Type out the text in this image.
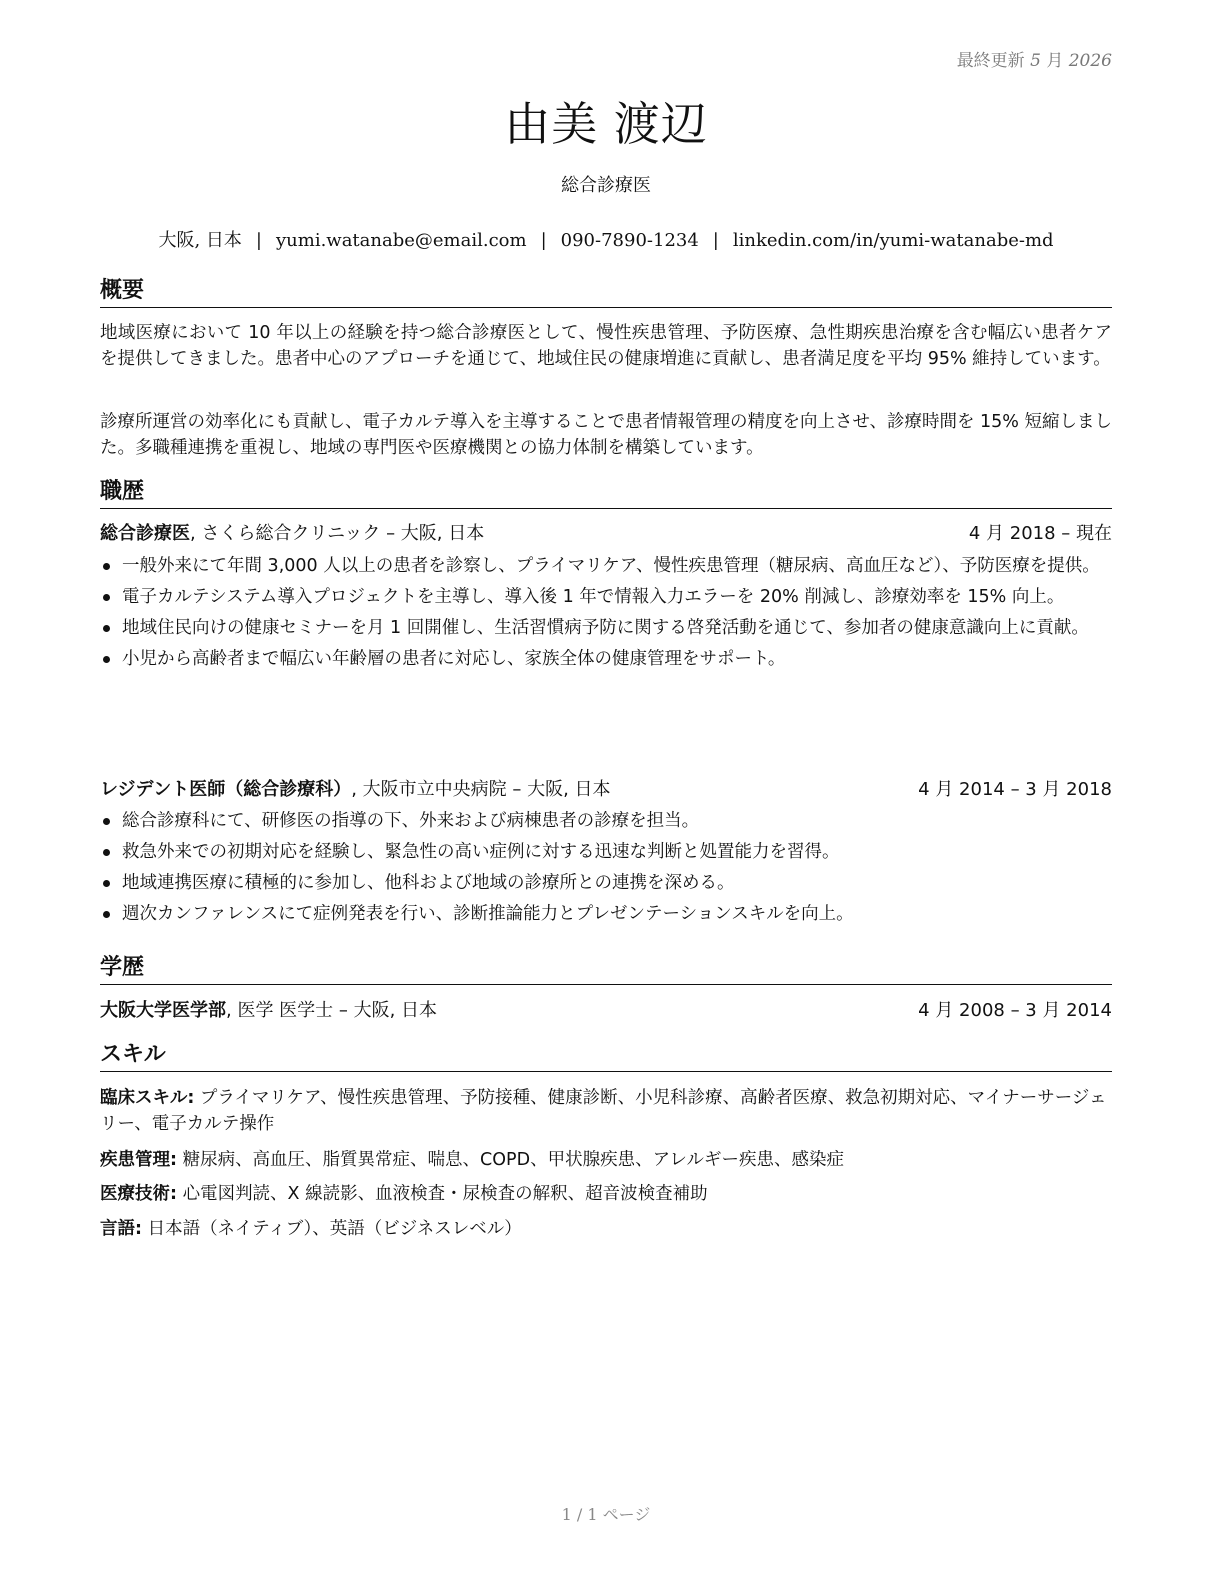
最終更新 5 月 2026
由美 渡辺
総合診療医
大阪, 日本 | yumi.watanabe@email.com | 090-7890-1234 | linkedin.com/in/yumi-watanabe-md
概要
地域医療において 10 年以上の経験を持つ総合診療医として、慢性疾患管理、予防医療、急性期疾患治療を含む幅広い患者ケアを提供してきました。患者中心のアプローチを通じて、地域住民の健康増進に貢献し、患者満足度を平均 95% 維持しています。
診療所運営の効率化にも貢献し、電子カルテ導入を主導することで患者情報管理の精度を向上させ、診療時間を 15% 短縮しました。多職種連携を重視し、地域の専門医や医療機関との協力体制を構築しています。
職歴
総合診療医, さくら総合クリニック – 大阪, 日本	4 月 2018 – 現在
一般外来にて年間 3,000 人以上の患者を診察し、プライマリケア、慢性疾患管理（糖尿病、高血圧など）、予防医療を提供。
電子カルテシステム導入プロジェクトを主導し、導入後 1 年で情報入力エラーを 20% 削減し、診療効率を 15% 向上。
地域住民向けの健康セミナーを月 1 回開催し、生活習慣病予防に関する啓発活動を通じて、参加者の健康意識向上に貢献。
小児から高齢者まで幅広い年齢層の患者に対応し、家族全体の健康管理をサポート。
レジデント医師（総合診療科）, 大阪市立中央病院 – 大阪, 日本	4 月 2014 – 3 月 2018
総合診療科にて、研修医の指導の下、外来および病棟患者の診療を担当。
救急外来での初期対応を経験し、緊急性の高い症例に対する迅速な判断と処置能力を習得。
地域連携医療に積極的に参加し、他科および地域の診療所との連携を深める。
週次カンファレンスにて症例発表を行い、診断推論能力とプレゼンテーションスキルを向上。
学歴
大阪大学医学部, 医学 医学士 – 大阪, 日本	4 月 2008 – 3 月 2014
スキル
臨床スキル: プライマリケア、慢性疾患管理、予防接種、健康診断、小児科診療、高齢者医療、救急初期対応、マイナーサージェリー、電子カルテ操作
疾患管理: 糖尿病、高血圧、脂質異常症、喘息、COPD、甲状腺疾患、アレルギー疾患、感染症
医療技術: 心電図判読、X 線読影、血液検査・尿検査の解釈、超音波検査補助
言語: 日本語（ネイティブ）、英語（ビジネスレベル）
1 / 1 ページ
